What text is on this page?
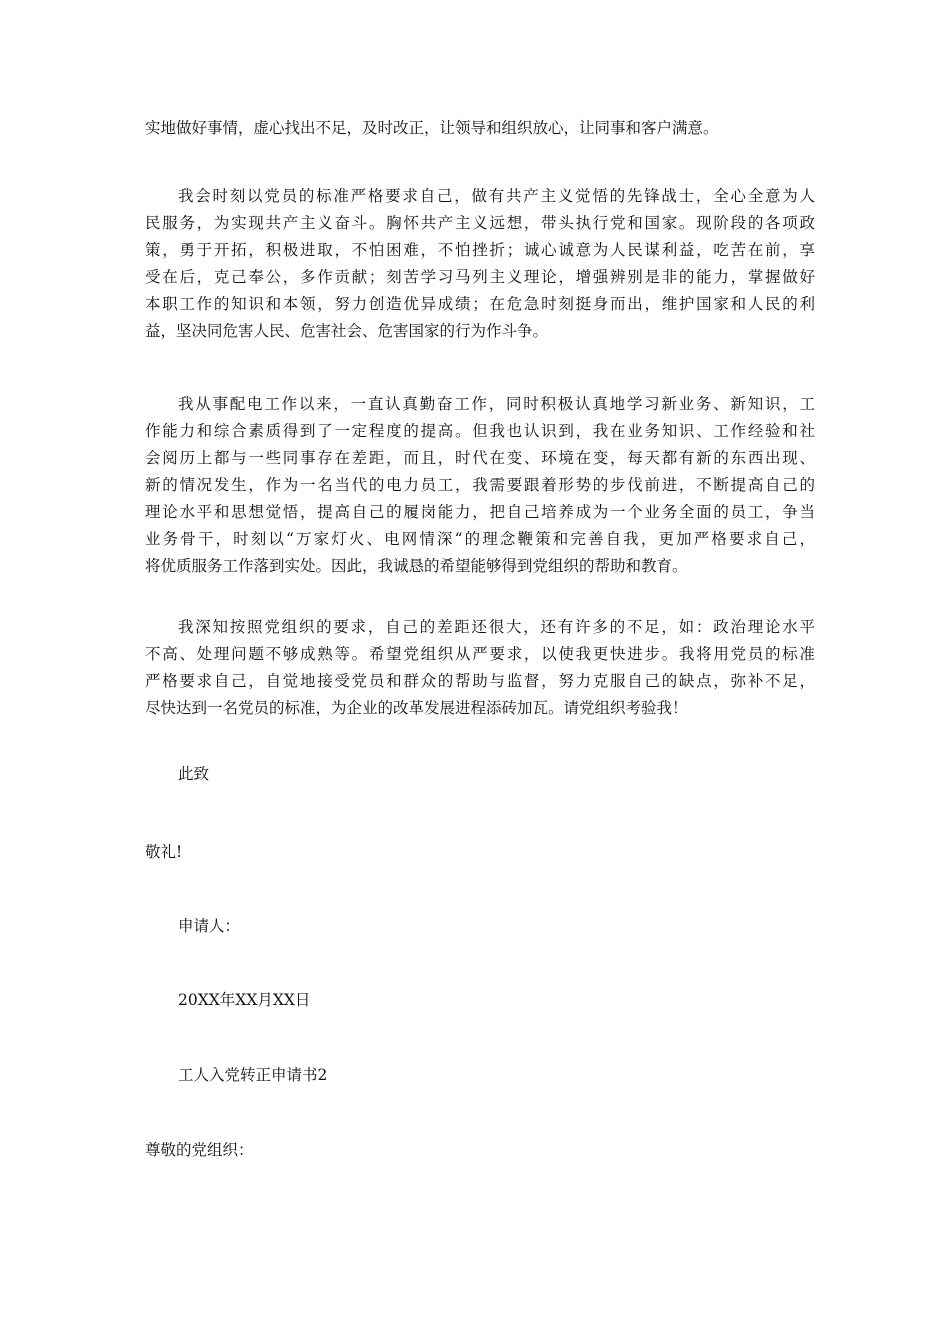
实地做好事情，虚心找出不足，及时改正，让领导和组织放心，让同事和客户满意。
我会时刻以党员的标准严格要求自己，做有共产主义觉悟的先锋战士，全心全意为人
民服务，为实现共产主义奋斗。胸怀共产主义远想，带头执行党和国家。现阶段的各项政
策，勇于开拓，积极进取，不怕困难，不怕挫折；诚心诚意为人民谋利益，吃苦在前，享
受在后，克己奉公，多作贡献；刻苦学习马列主义理论，增强辨别是非的能力，掌握做好
本职工作的知识和本领，努力创造优异成绩；在危急时刻挺身而出，维护国家和人民的利
益，坚决同危害人民、危害社会、危害国家的行为作斗争。
我从事配电工作以来，一直认真勤奋工作，同时积极认真地学习新业务、新知识，工
作能力和综合素质得到了一定程度的提高。但我也认识到，我在业务知识、工作经验和社
会阅历上都与一些同事存在差距，而且，时代在变、环境在变，每天都有新的东西出现、
新的情况发生，作为一名当代的电力员工，我需要跟着形势的步伐前进，不断提高自己的
理论水平和思想觉悟，提高自己的履岗能力，把自己培养成为一个业务全面的员工，争当
业务骨干，时刻以“万家灯火、电网情深“的理念鞭策和完善自我，更加严格要求自己，
将优质服务工作落到实处。因此，我诚恳的希望能够得到党组织的帮助和教育。
我深知按照党组织的要求，自己的差距还很大，还有许多的不足，如：政治理论水平
不高、处理问题不够成熟等。希望党组织从严要求，以使我更快进步。我将用党员的标准
严格要求自己，自觉地接受党员和群众的帮助与监督，努力克服自己的缺点，弥补不足，
尽快达到一名党员的标准，为企业的改革发展进程添砖加瓦。请党组织考验我！
此致
敬礼!
申请人：
20XX年XX月XX日
工人入党转正申请书2
尊敬的党组织：
